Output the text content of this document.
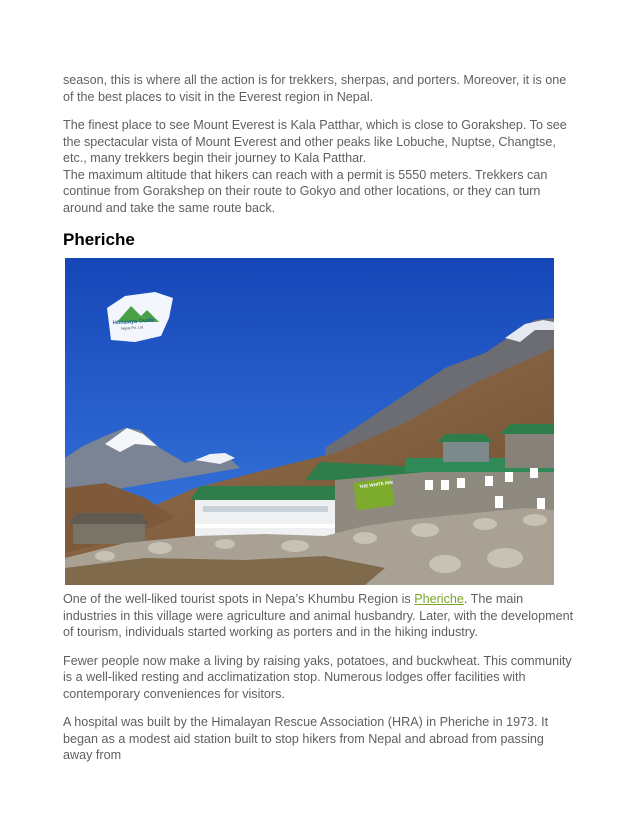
season, this is where all the action is for trekkers, sherpas, and porters. Moreover, it is one of the best places to visit in the Everest region in Nepal.

The finest place to see Mount Everest is Kala Patthar, which is close to Gorakshep. To see the spectacular vista of Mount Everest and other peaks like Lobuche, Nuptse, Changtse, etc., many trekkers begin their journey to Kala Patthar.

The maximum altitude that hikers can reach with a permit is 5550 meters. Trekkers can continue from Gorakshep on their route to Gokyo and other locations, or they can turn around and take the same route back.

Pheriche
Himalaya Guide
Nepal Pvt. Ltd.
THE WHITE INN

One of the well-liked tourist spots in Nepa’s Khumbu Region is Pheriche. The main industries in this village were agriculture and animal husbandry. Later, with the development of tourism, individuals started working as porters and in the hiking industry.

Fewer people now make a living by raising yaks, potatoes, and buckwheat. This community is a well-liked resting and acclimatization stop. Numerous lodges offer facilities with contemporary conveniences for visitors.

A hospital was built by the Himalayan Rescue Association (HRA) in Pheriche in 1973. It began as a modest aid station built to stop hikers from Nepal and abroad from passing away from
